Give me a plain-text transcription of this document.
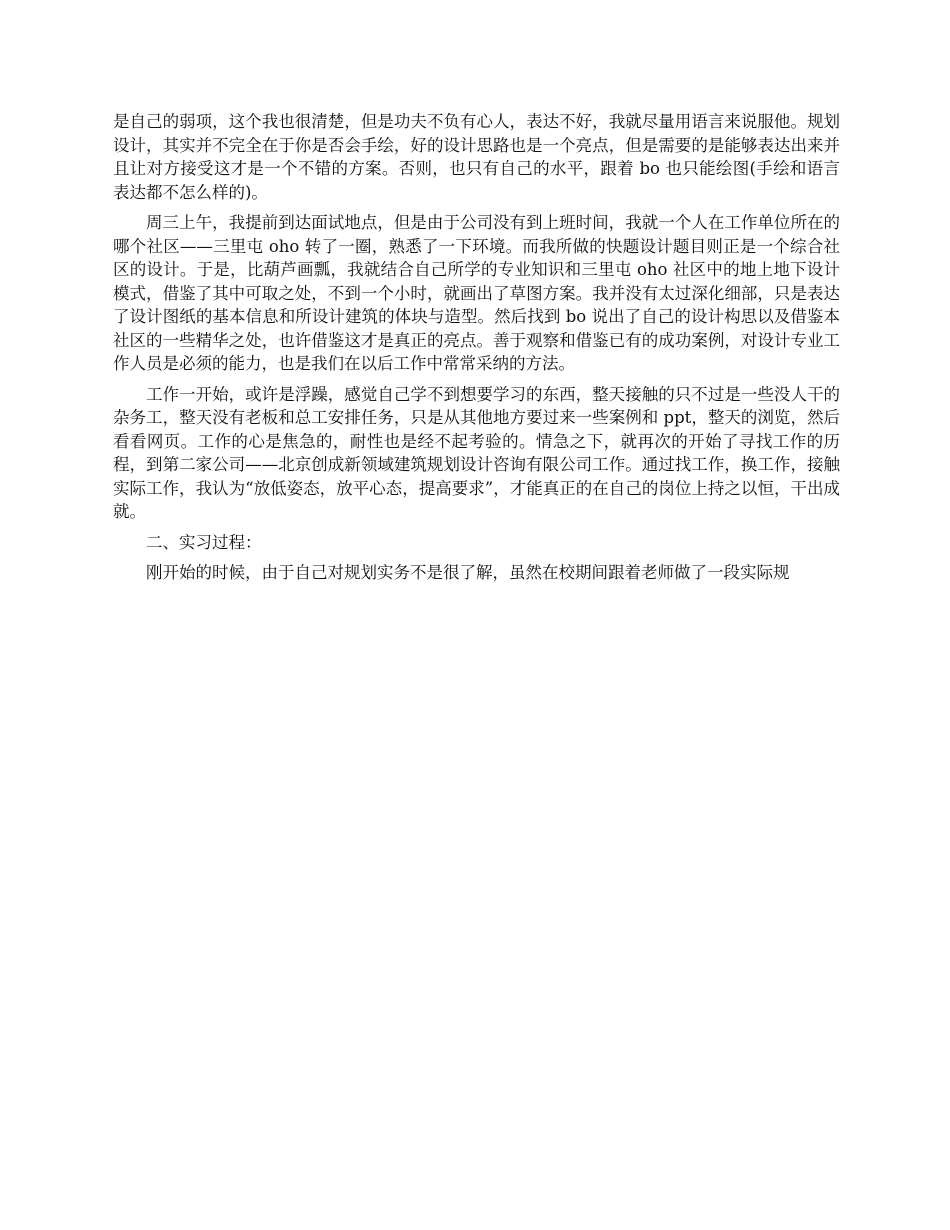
是自己的弱项，这个我也很清楚，但是功夫不负有心人，表达不好，我就尽量用语言来说服他。规划设计，其实并不完全在于你是否会手绘，好的设计思路也是一个亮点，但是需要的是能够表达出来并且让对方接受这才是一个不错的方案。否则，也只有自己的水平，跟着 bo 也只能绘图(手绘和语言表达都不怎么样的)。

周三上午，我提前到达面试地点，但是由于公司没有到上班时间，我就一个人在工作单位所在的哪个社区——三里屯 oho 转了一圈，熟悉了一下环境。而我所做的快题设计题目则正是一个综合社区的设计。于是，比葫芦画瓢，我就结合自己所学的专业知识和三里屯 oho 社区中的地上地下设计模式，借鉴了其中可取之处，不到一个小时，就画出了草图方案。我并没有太过深化细部，只是表达了设计图纸的基本信息和所设计建筑的体块与造型。然后找到 bo 说出了自己的设计构思以及借鉴本社区的一些精华之处，也许借鉴这才是真正的亮点。善于观察和借鉴已有的成功案例，对设计专业工作人员是必须的能力，也是我们在以后工作中常常采纳的方法。

工作一开始，或许是浮躁，感觉自己学不到想要学习的东西，整天接触的只不过是一些没人干的杂务工，整天没有老板和总工安排任务，只是从其他地方要过来一些案例和 ppt，整天的浏览，然后看看网页。工作的心是焦急的，耐性也是经不起考验的。情急之下，就再次的开始了寻找工作的历程，到第二家公司——北京创成新领域建筑规划设计咨询有限公司工作。通过找工作，换工作，接触实际工作，我认为“放低姿态，放平心态，提高要求”，才能真正的在自己的岗位上持之以恒，干出成就。

二、实习过程：

刚开始的时候，由于自己对规划实务不是很了解，虽然在校期间跟着老师做了一段实际规
